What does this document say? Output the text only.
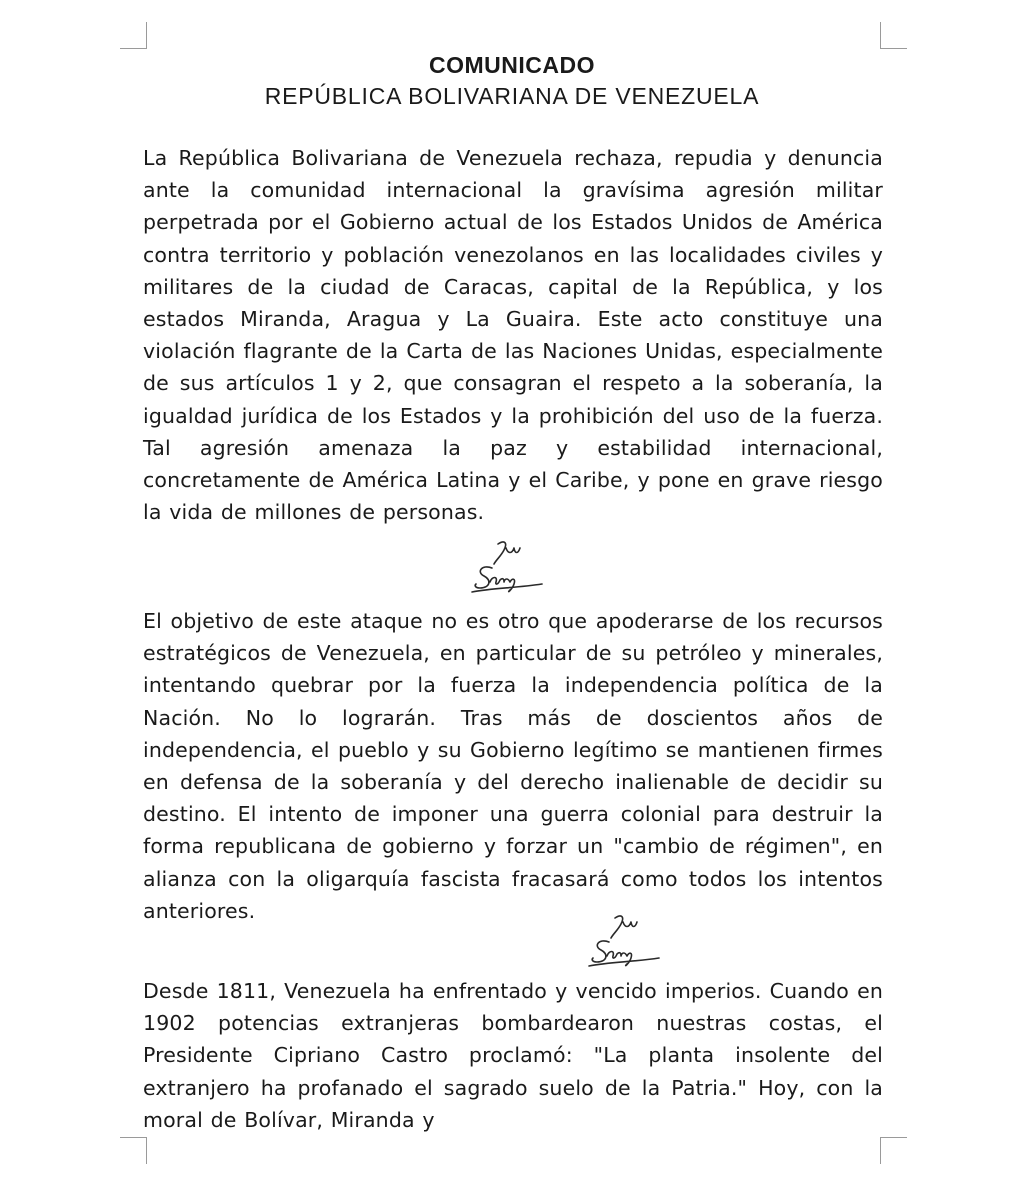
COMUNICADO
REPÚBLICA BOLIVARIANA DE VENEZUELA

La República Bolivariana de Venezuela rechaza, repudia y denuncia ante la comunidad internacional la gravísima agresión militar perpetrada por el Gobierno actual de los Estados Unidos de América contra territorio y población venezolanos en las localidades civiles y militares de la ciudad de Caracas, capital de la República, y los estados Miranda, Aragua y La Guaira. Este acto constituye una violación flagrante de la Carta de las Naciones Unidas, especialmente de sus artículos 1 y 2, que consagran el respeto a la soberanía, la igualdad jurídica de los Estados y la prohibición del uso de la fuerza. Tal agresión amenaza la paz y estabilidad internacional, concretamente de América Latina y el Caribe, y pone en grave riesgo la vida de millones de personas.

El objetivo de este ataque no es otro que apoderarse de los recursos estratégicos de Venezuela, en particular de su petróleo y minerales, intentando quebrar por la fuerza la independencia política de la Nación. No lo lograrán. Tras más de doscientos años de independencia, el pueblo y su Gobierno legítimo se mantienen firmes en defensa de la soberanía y del derecho inalienable de decidir su destino. El intento de imponer una guerra colonial para destruir la forma republicana de gobierno y forzar un "cambio de régimen", en alianza con la oligarquía fascista fracasará como todos los intentos anteriores.

Desde 1811, Venezuela ha enfrentado y vencido imperios. Cuando en 1902 potencias extranjeras bombardearon nuestras costas, el Presidente Cipriano Castro proclamó: "La planta insolente del extranjero ha profanado el sagrado suelo de la Patria." Hoy, con la moral de Bolívar, Miranda y
